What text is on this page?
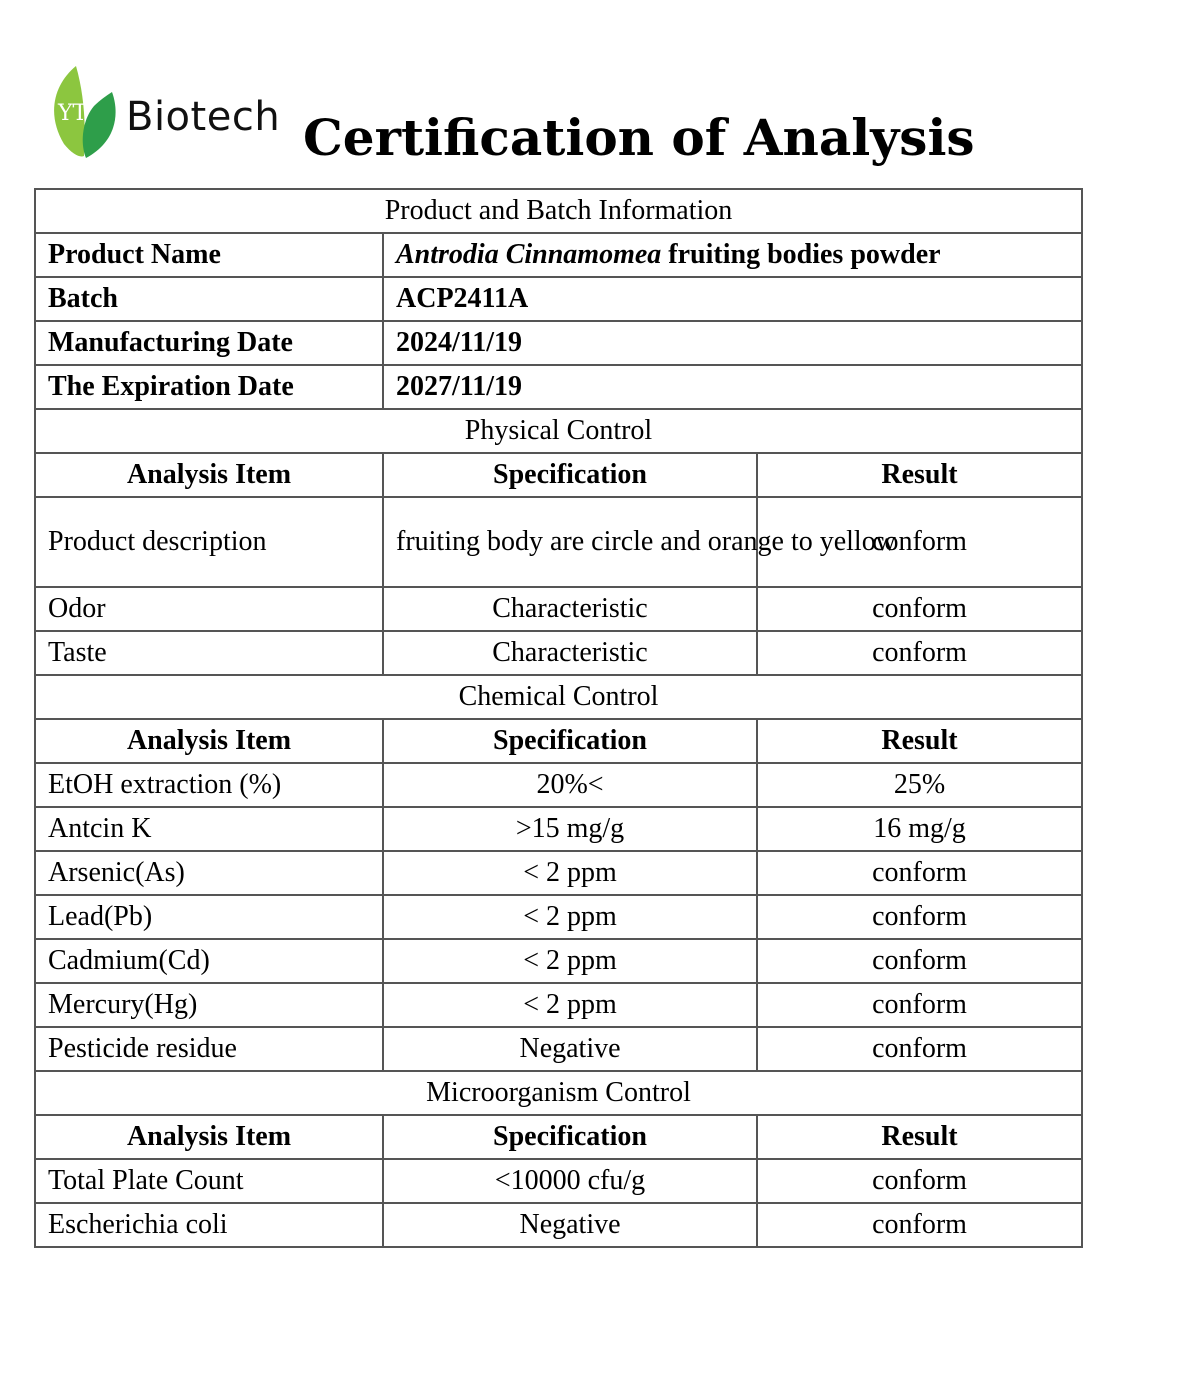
YT Biotech Certification of Analysis
Product and Batch Information		
Product Name	Antrodia Cinnamomea fruiting bodies powder	
Batch	ACP2411A	
Manufacturing Date	2024/11/19	
The Expiration Date	2027/11/19	
Physical Control		
Analysis Item	Specification	Result
Product description	fruiting body are circle and orange to yellow	conform
Odor	Characteristic	conform
Taste	Characteristic	conform
Chemical Control		
Analysis Item	Specification	Result
EtOH extraction (%)	20%<	25%
Antcin K	>15 mg/g	16 mg/g
Arsenic(As)	< 2 ppm	conform
Lead(Pb)	< 2 ppm	conform
Cadmium(Cd)	< 2 ppm	conform
Mercury(Hg)	< 2 ppm	conform
Pesticide residue	Negative	conform
Microorganism Control		
Analysis Item	Specification	Result
Total Plate Count	<10000 cfu/g	conform
Escherichia coli	Negative	conform
